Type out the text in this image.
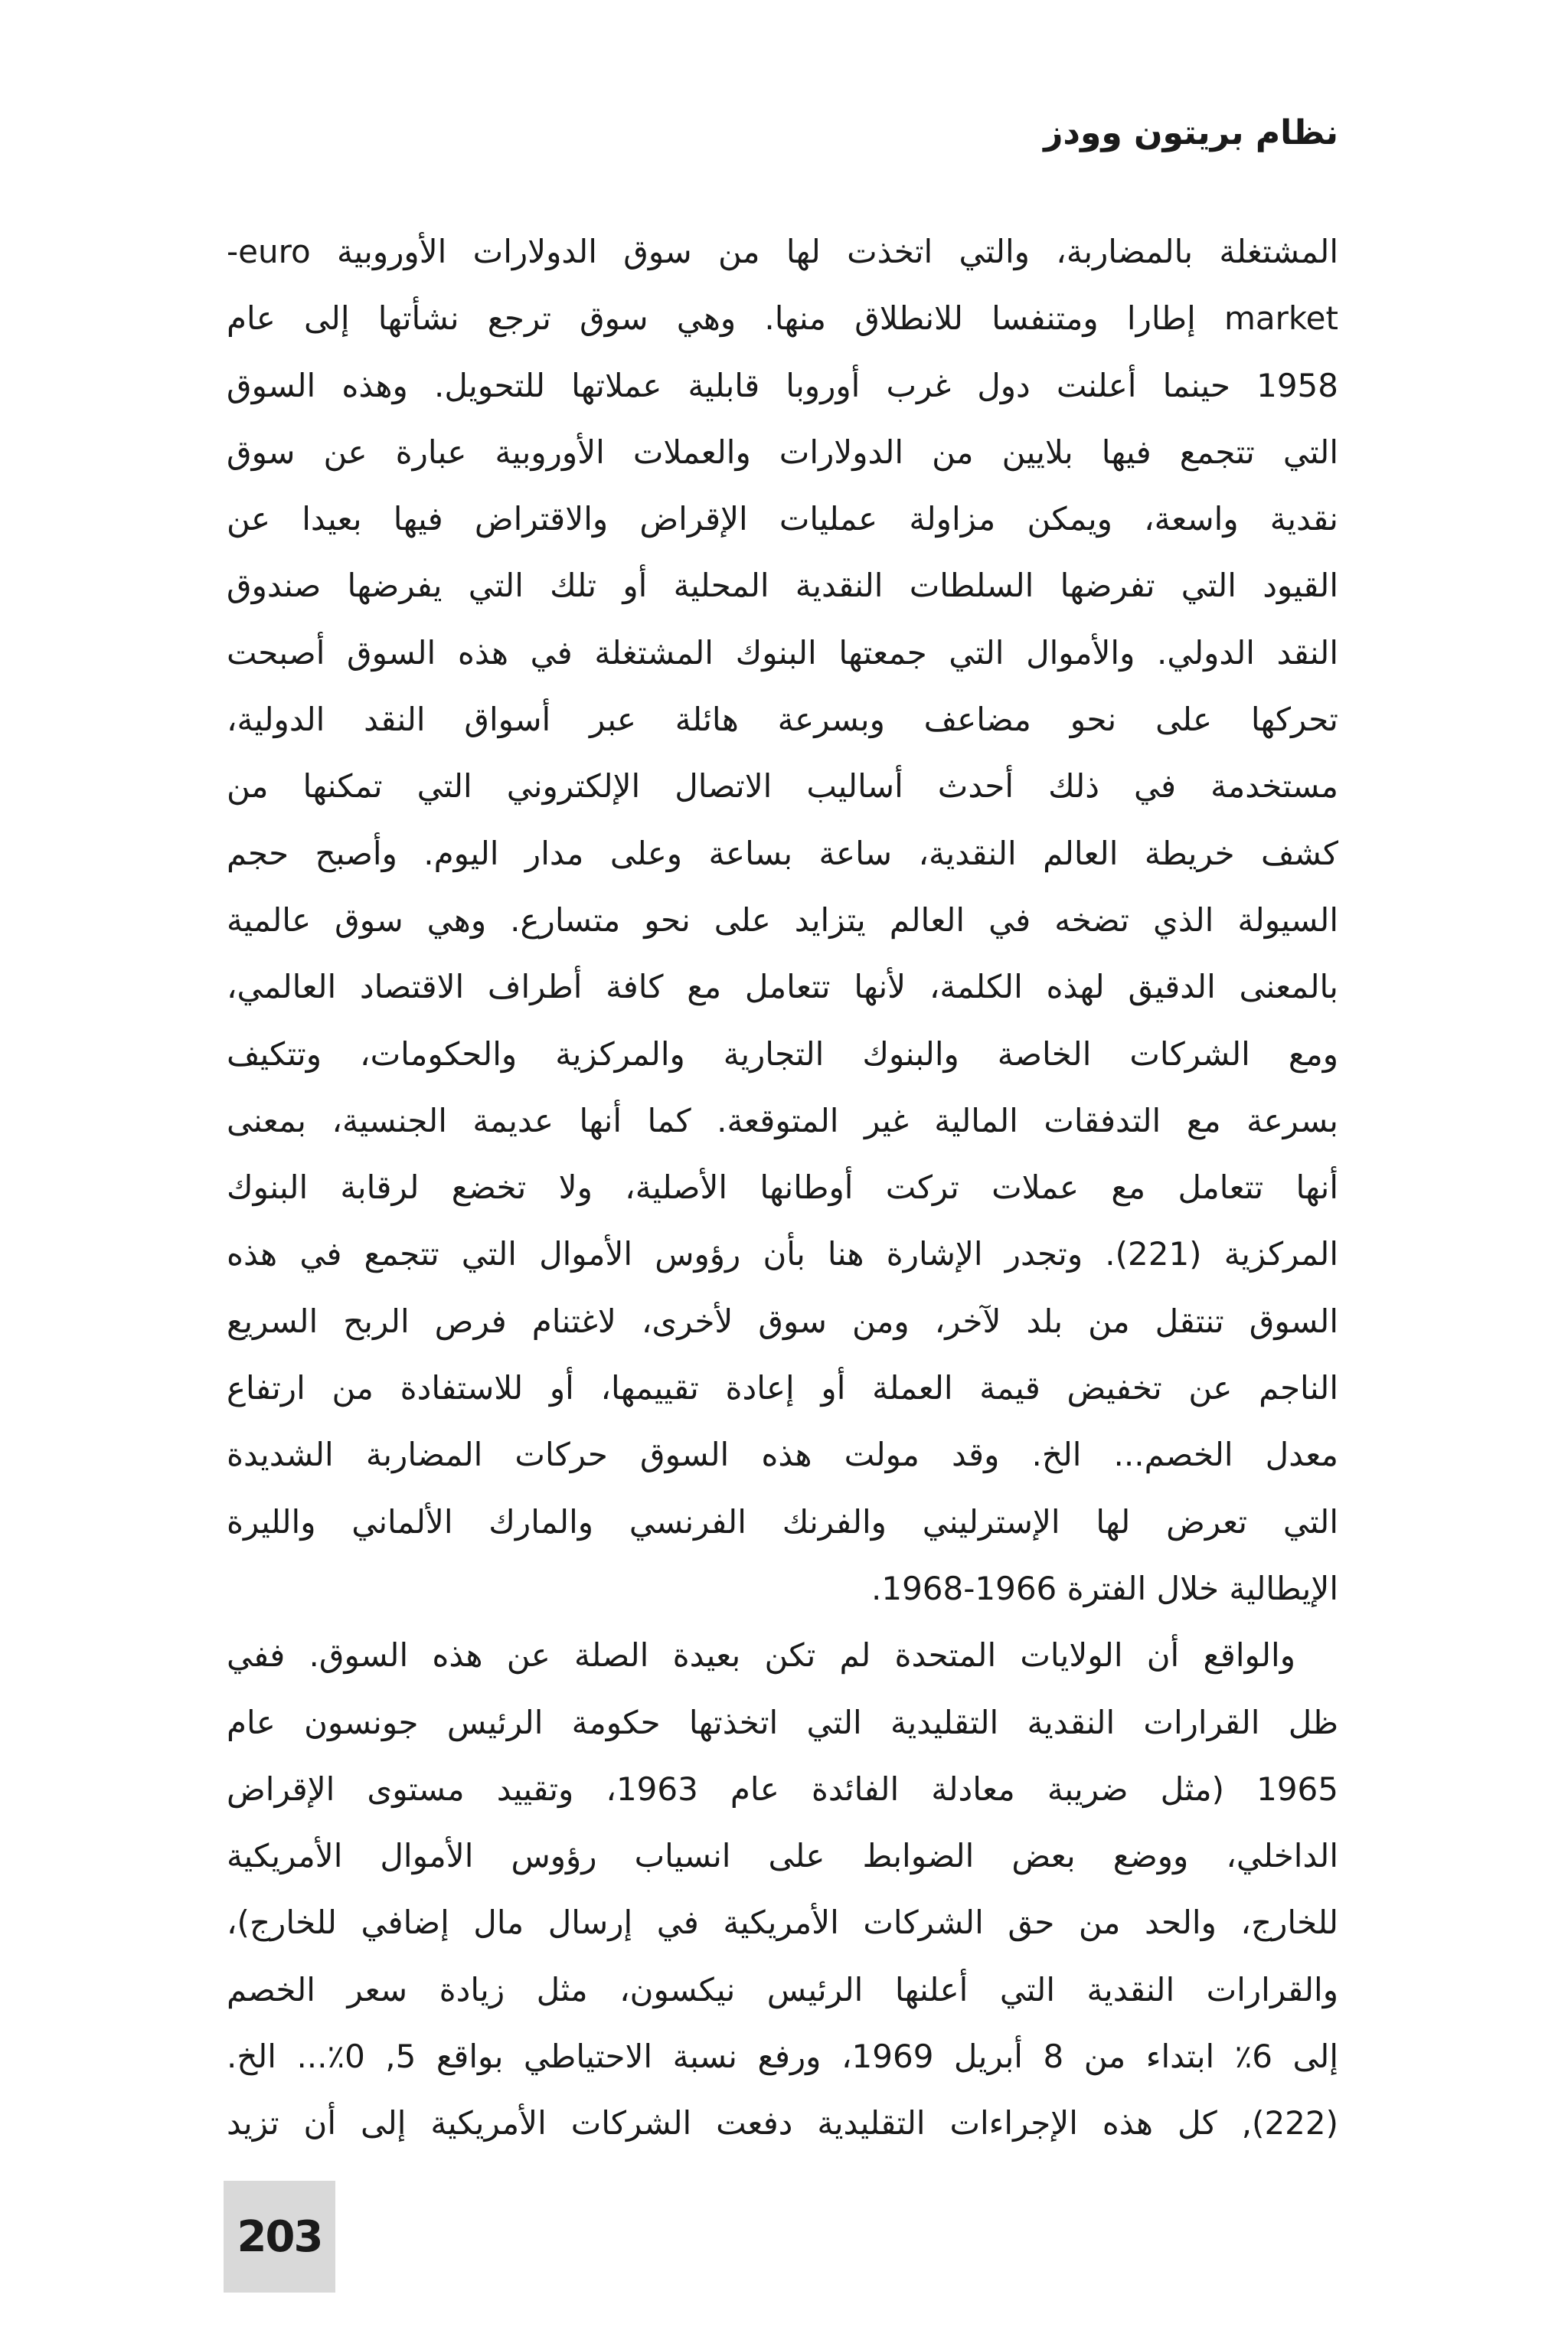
نظام بريتون وودز
المشتغلة بالمضاربة، والتي اتخذت لها من سوق الدولارات الأوروبية euro-
market إطارا ومتنفسا للانطلاق منها. وهي سوق ترجع نشأتها إلى عام
1958 حينما أعلنت دول غرب أوروبا قابلية عملاتها للتحويل. وهذه السوق
التي تتجمع فيها بلايين من الدولارات والعملات الأوروبية عبارة عن سوق
نقدية واسعة، ويمكن مزاولة عمليات الإقراض والاقتراض فيها بعيدا عن
القيود التي تفرضها السلطات النقدية المحلية أو تلك التي يفرضها صندوق
النقد الدولي. والأموال التي جمعتها البنوك المشتغلة في هذه السوق أصبحت
تحركها على نحو مضاعف وبسرعة هائلة عبر أسواق النقد الدولية،
مستخدمة في ذلك أحدث أساليب الاتصال الإلكتروني التي تمكنها من
كشف خريطة العالم النقدية، ساعة بساعة وعلى مدار اليوم. وأصبح حجم
السيولة الذي تضخه في العالم يتزايد على نحو متسارع. وهي سوق عالمية
بالمعنى الدقيق لهذه الكلمة، لأنها تتعامل مع كافة أطراف الاقتصاد العالمي،
ومع الشركات الخاصة والبنوك التجارية والمركزية والحكومات، وتتكيف
بسرعة مع التدفقات المالية غير المتوقعة. كما أنها عديمة الجنسية، بمعنى
أنها تتعامل مع عملات تركت أوطانها الأصلية، ولا تخضع لرقابة البنوك
المركزية (221). وتجدر الإشارة هنا بأن رؤوس الأموال التي تتجمع في هذه
السوق تنتقل من بلد لآخر، ومن سوق لأخرى، لاغتنام فرص الربح السريع
الناجم عن تخفيض قيمة العملة أو إعادة تقييمها، أو للاستفادة من ارتفاع
معدل الخصم... الخ. وقد مولت هذه السوق حركات المضاربة الشديدة
التي تعرض لها الإسترليني والفرنك الفرنسي والمارك الألماني والليرة
الإيطالية خلال الفترة 1966-1968.
والواقع أن الولايات المتحدة لم تكن بعيدة الصلة عن هذه السوق. ففي
ظل القرارات النقدية التقليدية التي اتخذتها حكومة الرئيس جونسون عام
1965 (مثل ضريبة معادلة الفائدة عام 1963، وتقييد مستوى الإقراض
الداخلي، ووضع بعض الضوابط على انسياب رؤوس الأموال الأمريكية
للخارج، والحد من حق الشركات الأمريكية في إرسال مال إضافي للخارج)،
والقرارات النقدية التي أعلنها الرئيس نيكسون، مثل زيادة سعر الخصم
إلى 6٪ ابتداء من 8 أبريل 1969، ورفع نسبة الاحتياطي بواقع 5, 0٪... الخ.
(222), كل هذه الإجراءات التقليدية دفعت الشركات الأمريكية إلى أن تزيد
203
